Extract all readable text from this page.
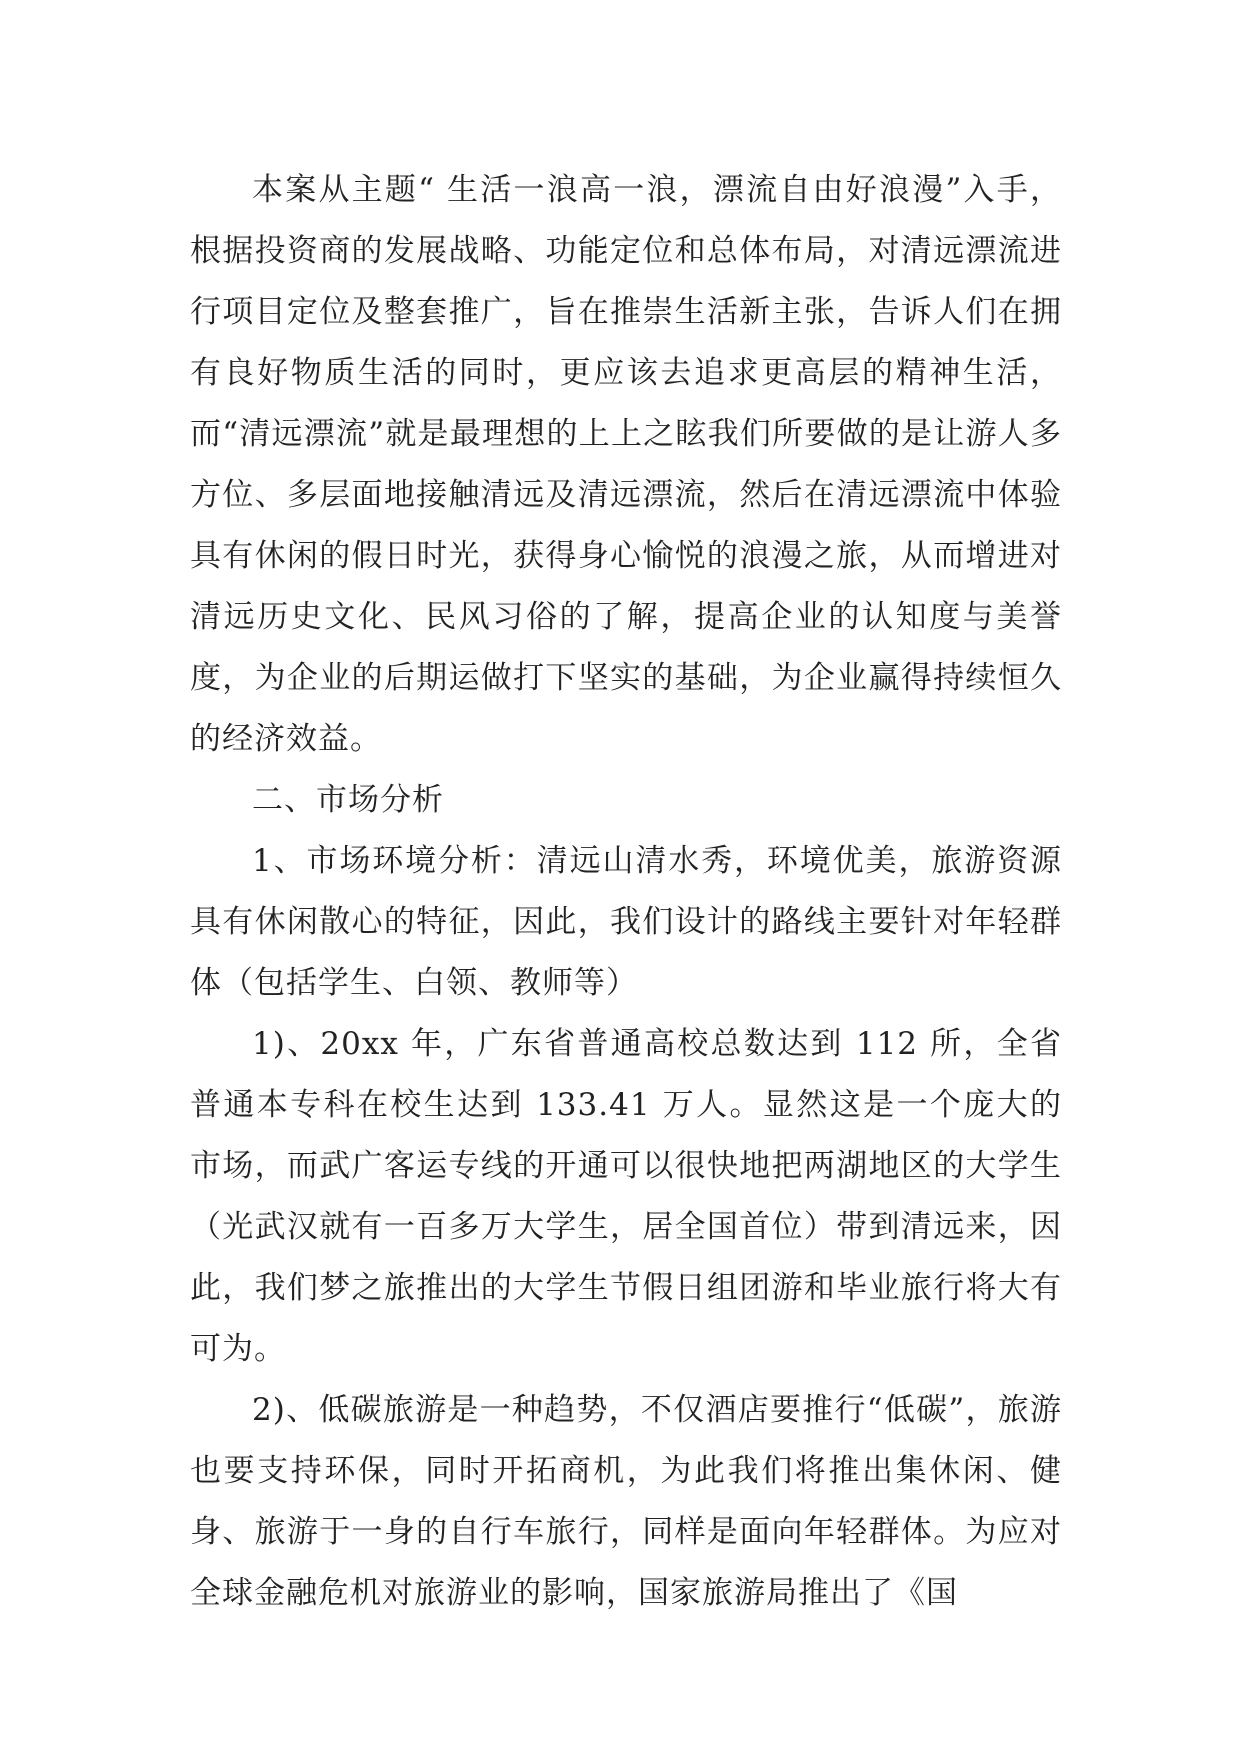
本案从主题“ 生活一浪高一浪，漂流自由好浪漫”入手，根据投资商的发展战略、功能定位和总体布局，对清远漂流进行项目定位及整套推广，旨在推崇生活新主张，告诉人们在拥有良好物质生活的同时，更应该去追求更高层的精神生活，而“清远漂流”就是最理想的上上之眩我们所要做的是让游人多方位、多层面地接触清远及清远漂流，然后在清远漂流中体验具有休闲的假日时光，获得身心愉悦的浪漫之旅，从而增进对清远历史文化、民风习俗的了解，提高企业的认知度与美誉度，为企业的后期运做打下坚实的基础，为企业赢得持续恒久的经济效益。

二、市场分析

1、市场环境分析：清远山清水秀，环境优美，旅游资源具有休闲散心的特征，因此，我们设计的路线主要针对年轻群体（包括学生、白领、教师等）

1)、20xx 年，广东省普通高校总数达到 112 所，全省普通本专科在校生达到 133.41 万人。显然这是一个庞大的市场，而武广客运专线的开通可以很快地把两湖地区的大学生（光武汉就有一百多万大学生，居全国首位）带到清远来，因此，我们梦之旅推出的大学生节假日组团游和毕业旅行将大有可为。

2)、低碳旅游是一种趋势，不仅酒店要推行“低碳”，旅游也要支持环保，同时开拓商机，为此我们将推出集休闲、健身、旅游于一身的自行车旅行，同样是面向年轻群体。为应对全球金融危机对旅游业的影响，国家旅游局推出了《国
